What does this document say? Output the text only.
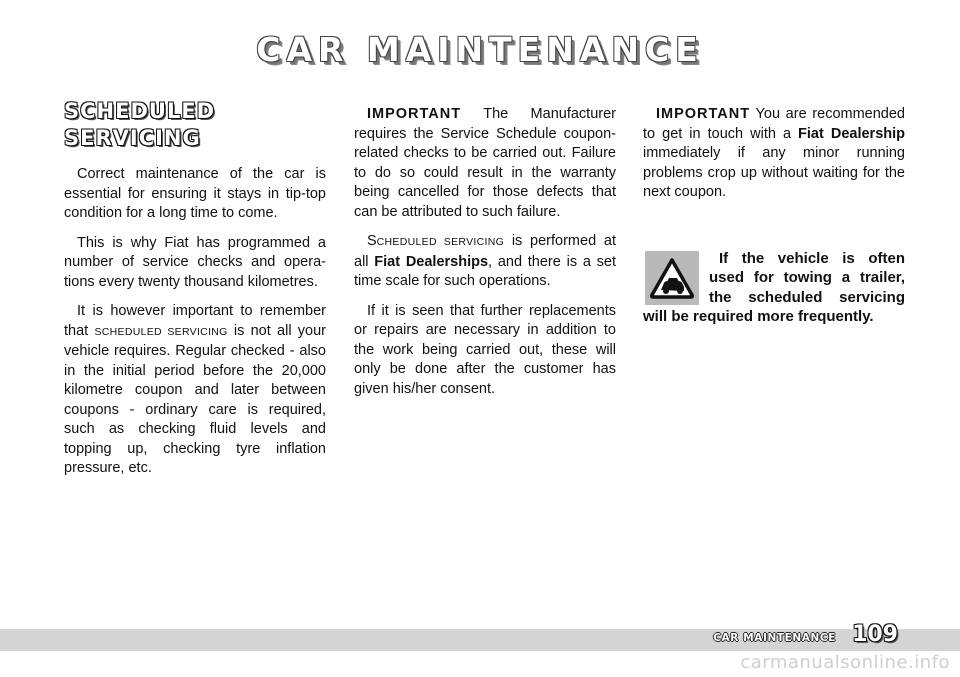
CAR MAINTENANCE
SCHEDULED
SERVICING

Correct maintenance of the car is essential for ensuring it stays in tip-top condition for a long time to come.

This is why Fiat has programmed a number of service checks and operations every twenty thousand kilometres.

It is however important to remember that SCHEDULED SERVICING is not all your vehicle requires. Regular checked - also in the initial period before the 20,000 kilometre coupon and later between coupons - ordinary care is required, such as checking fluid levels and topping up, checking tyre inflation pressure, etc.

IMPORTANT The Manufacturer requires the Service Schedule coupon-related checks to be carried out. Failure to do so could result in the warranty being cancelled for those defects that can be attributed to such failure.

SCHEDULED SERVICING is performed at all Fiat Dealerships, and there is a set time scale for such operations.

If it is seen that further replacements or repairs are necessary in addition to the work being carried out, these will only be done after the customer has given his/her consent.

IMPORTANT You are recommended to get in touch with a Fiat Dealership immediately if any minor running problems crop up without waiting for the next coupon.

If the vehicle is often used for towing a trailer, the scheduled servicing will be required more frequently.
CAR MAINTENANCE 109
carmanualsonline.info
